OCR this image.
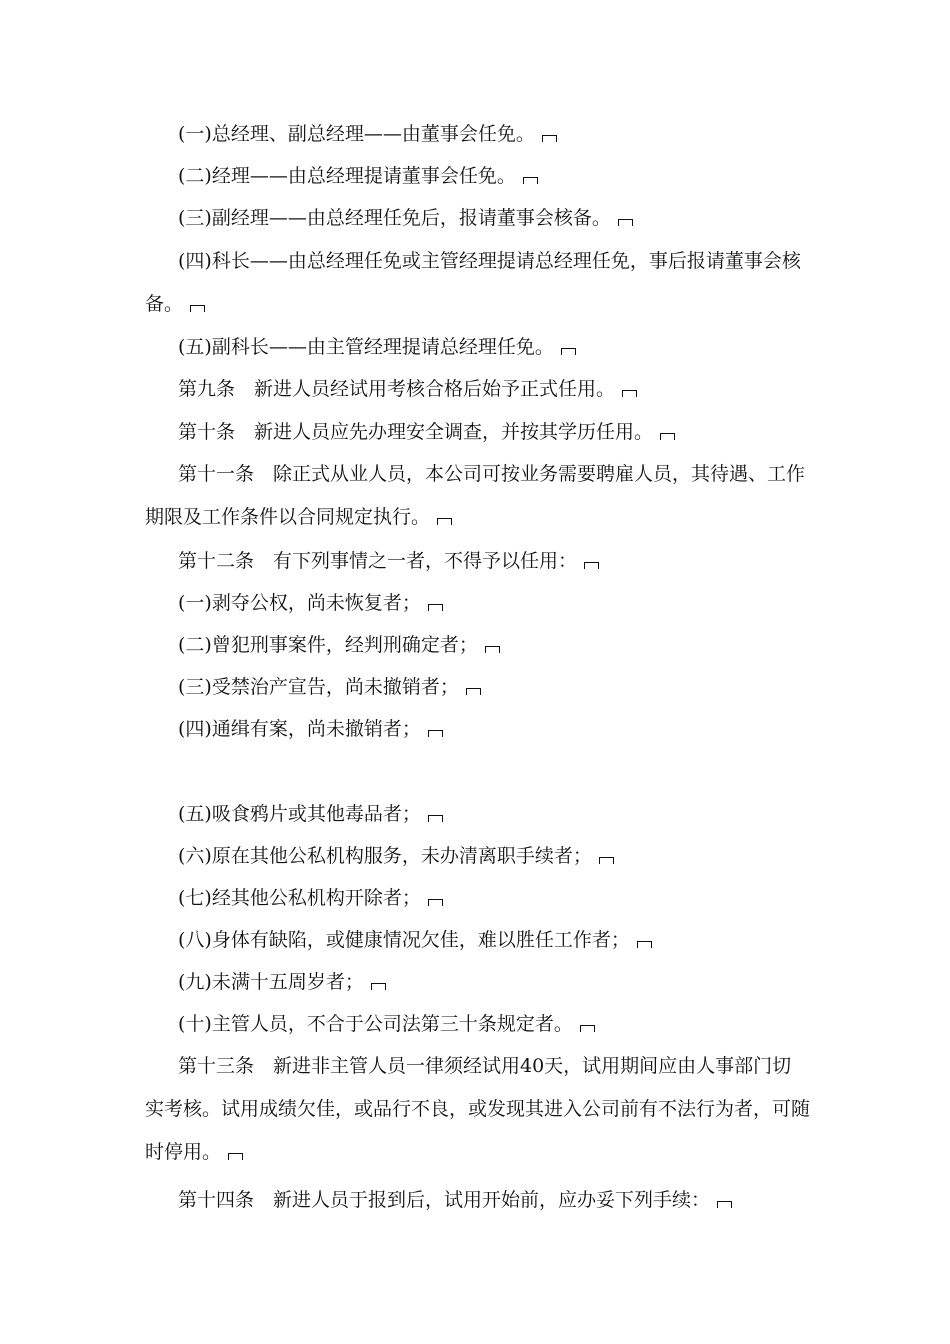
(一)总经理、副总经理——由董事会任免。

(二)经理——由总经理提请董事会任免。

(三)副经理——由总经理任免后，报请董事会核备。

(四)科长——由总经理任免或主管经理提请总经理任免，事后报请董事会核备。

(五)副科长——由主管经理提请总经理任免。

第九条　新进人员经试用考核合格后始予正式任用。

第十条　新进人员应先办理安全调查，并按其学历任用。

第十一条　除正式从业人员，本公司可按业务需要聘雇人员，其待遇、工作期限及工作条件以合同规定执行。

第十二条　有下列事情之一者，不得予以任用：

(一)剥夺公权，尚未恢复者；

(二)曾犯刑事案件，经判刑确定者；

(三)受禁治产宣告，尚未撤销者；

(四)通缉有案，尚未撤销者；

(五)吸食鸦片或其他毒品者；

(六)原在其他公私机构服务，未办清离职手续者；

(七)经其他公私机构开除者；

(八)身体有缺陷，或健康情况欠佳，难以胜任工作者；

(九)未满十五周岁者；

(十)主管人员，不合于公司法第三十条规定者。

第十三条　新进非主管人员一律须经试用40天，试用期间应由人事部门切实考核。试用成绩欠佳，或品行不良，或发现其进入公司前有不法行为者，可随时停用。

第十四条　新进人员于报到后，试用开始前，应办妥下列手续：
